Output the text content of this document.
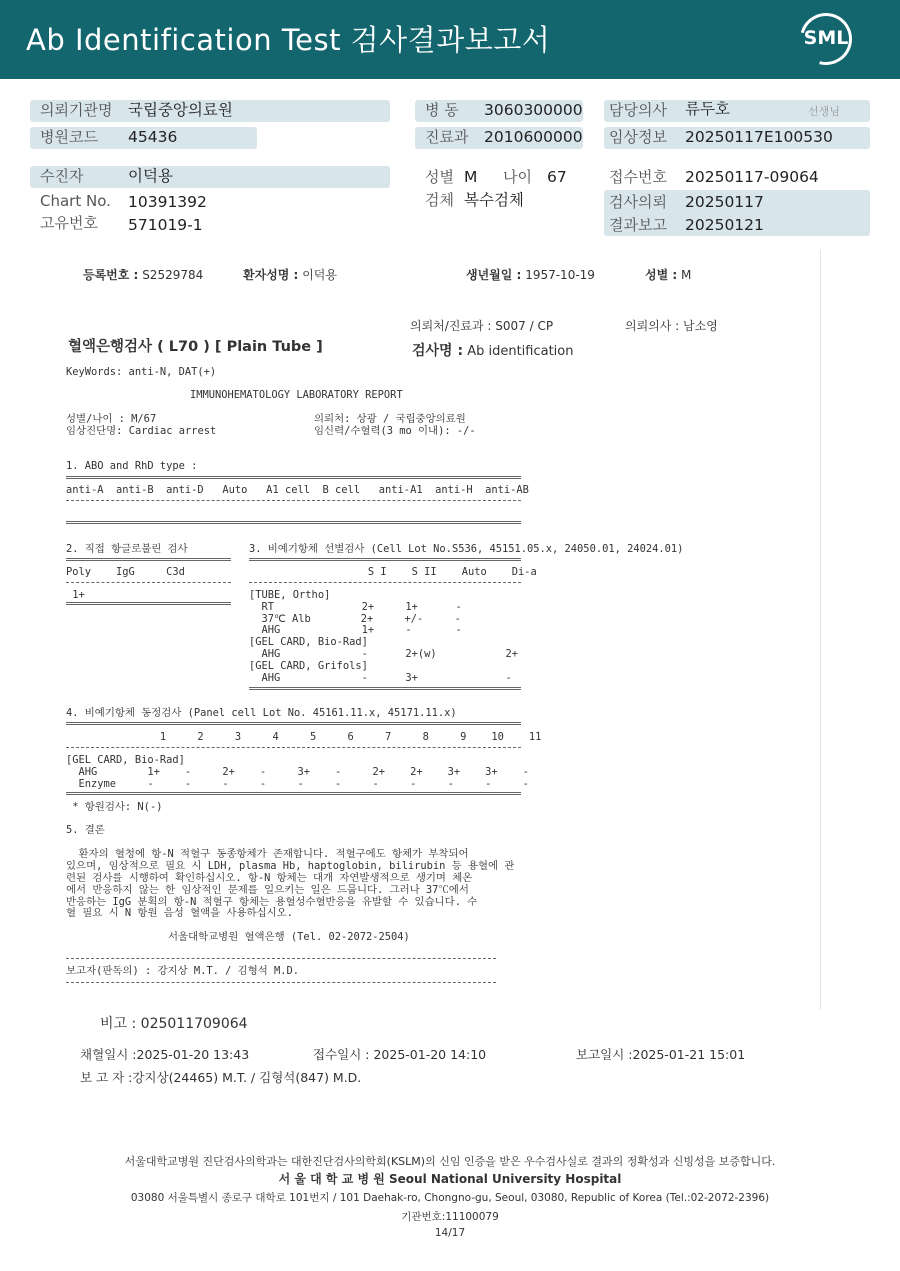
Ab Identification Test 검사결과보고서	SML
의뢰기관명 국립중앙의료원
병원코드 45436
병 동 3060300000
진료과 2010600000
담당의사 류두호	선생님
임상정보 20250117E100530
수진자	이덕용
Chart No. 10391392
고유번호 571019-1
성별 M 나이 67
검체 복수검체
접수번호 20250117-09064
검사의뢰 20250117
결과보고 20250121
등록번호 : S2529784	환자성명 : 이덕용	생년월일 : 1957-10-19	성별 : M
의뢰처/진료과 : S007 / CP	의뢰의사 : 남소영
혈액은행검사 ( L70 ) [ Plain Tube ]	검사명 : Ab identification
KeyWords: anti-N, DAT(+)
IMMUNOHEMATOLOGY LABORATORY REPORT
성별/나이 : M/67
임상진단명: Cardiac arrest
의뢰처: 상광 / 국립중앙의료원
임신력/수혈력(3 mo 이내): -/-
1. ABO and RhD type :
anti-A  anti-B  anti-D   Auto   A1 cell  B cell   anti-A1  anti-H  anti-AB
2. 직접 항글로불린 검사
Poly    IgG     C3d
1+
3. 비예기항체 선별검사 (Cell Lot No.S536, 45151.05.x, 24050.01, 24024.01)
S I    S II    Auto    Di-a
[TUBE, Ortho]
RT              2+     1+      -
37℃ Alb        2+     +/-     -
AHG             1+     -       -
[GEL CARD, Bio-Rad]
AHG             -      2+(w)           2+
[GEL CARD, Grifols]
AHG             -      3+              -
4. 비예기항체 동정검사 (Panel cell Lot No. 45161.11.x, 45171.11.x)
1     2     3     4     5     6     7     8     9    10    11
[GEL CARD, Bio-Rad]
AHG        1+    -     2+    -     3+    -     2+    2+    3+    3+    -
Enzyme     -     -     -     -     -     -     -     -     -     -     -
* 항원검사: N(-)
5. 결론
환자의 혈청에 항-N 적혈구 동종항체가 존재합니다. 적혈구에도 항체가 부착되어
있으며, 임상적으로 필요 시 LDH, plasma Hb, haptoglobin, bilirubin 등 용혈에 관
련된 검사를 시행하여 확인하십시오. 항-N 항체는 대개 자연발생적으로 생기며 체온
에서 반응하지 않는 한 임상적인 문제를 일으키는 일은 드뭅니다. 그러나 37℃에서
반응하는 IgG 분획의 항-N 적혈구 항체는 용혈성수혈반응을 유발할 수 있습니다. 수
혈 필요 시 N 항원 음성 혈액을 사용하십시오.
서울대학교병원 혈액은행 (Tel. 02-2072-2504)
보고자(판독의) : 강지상 M.T. / 김형석 M.D.
비고 : 025011709064
채혈일시 :2025-01-20 13:43	접수일시 : 2025-01-20 14:10	보고일시 :2025-01-21 15:01
보 고 자 :강지상(24465) M.T. / 김형석(847) M.D.
서울대학교병원 진단검사의학과는 대한진단검사의학회(KSLM)의 신임 인증을 받은 우수검사실로 결과의 정확성과 신빙성을 보증합니다.
서 울 대 학 교 병 원 Seoul National University Hospital
03080 서울특별시 종로구 대학로 101번지 / 101 Daehak-ro, Chongno-gu, Seoul, 03080, Republic of Korea (Tel.:02-2072-2396)
기관번호:11100079
14/17
